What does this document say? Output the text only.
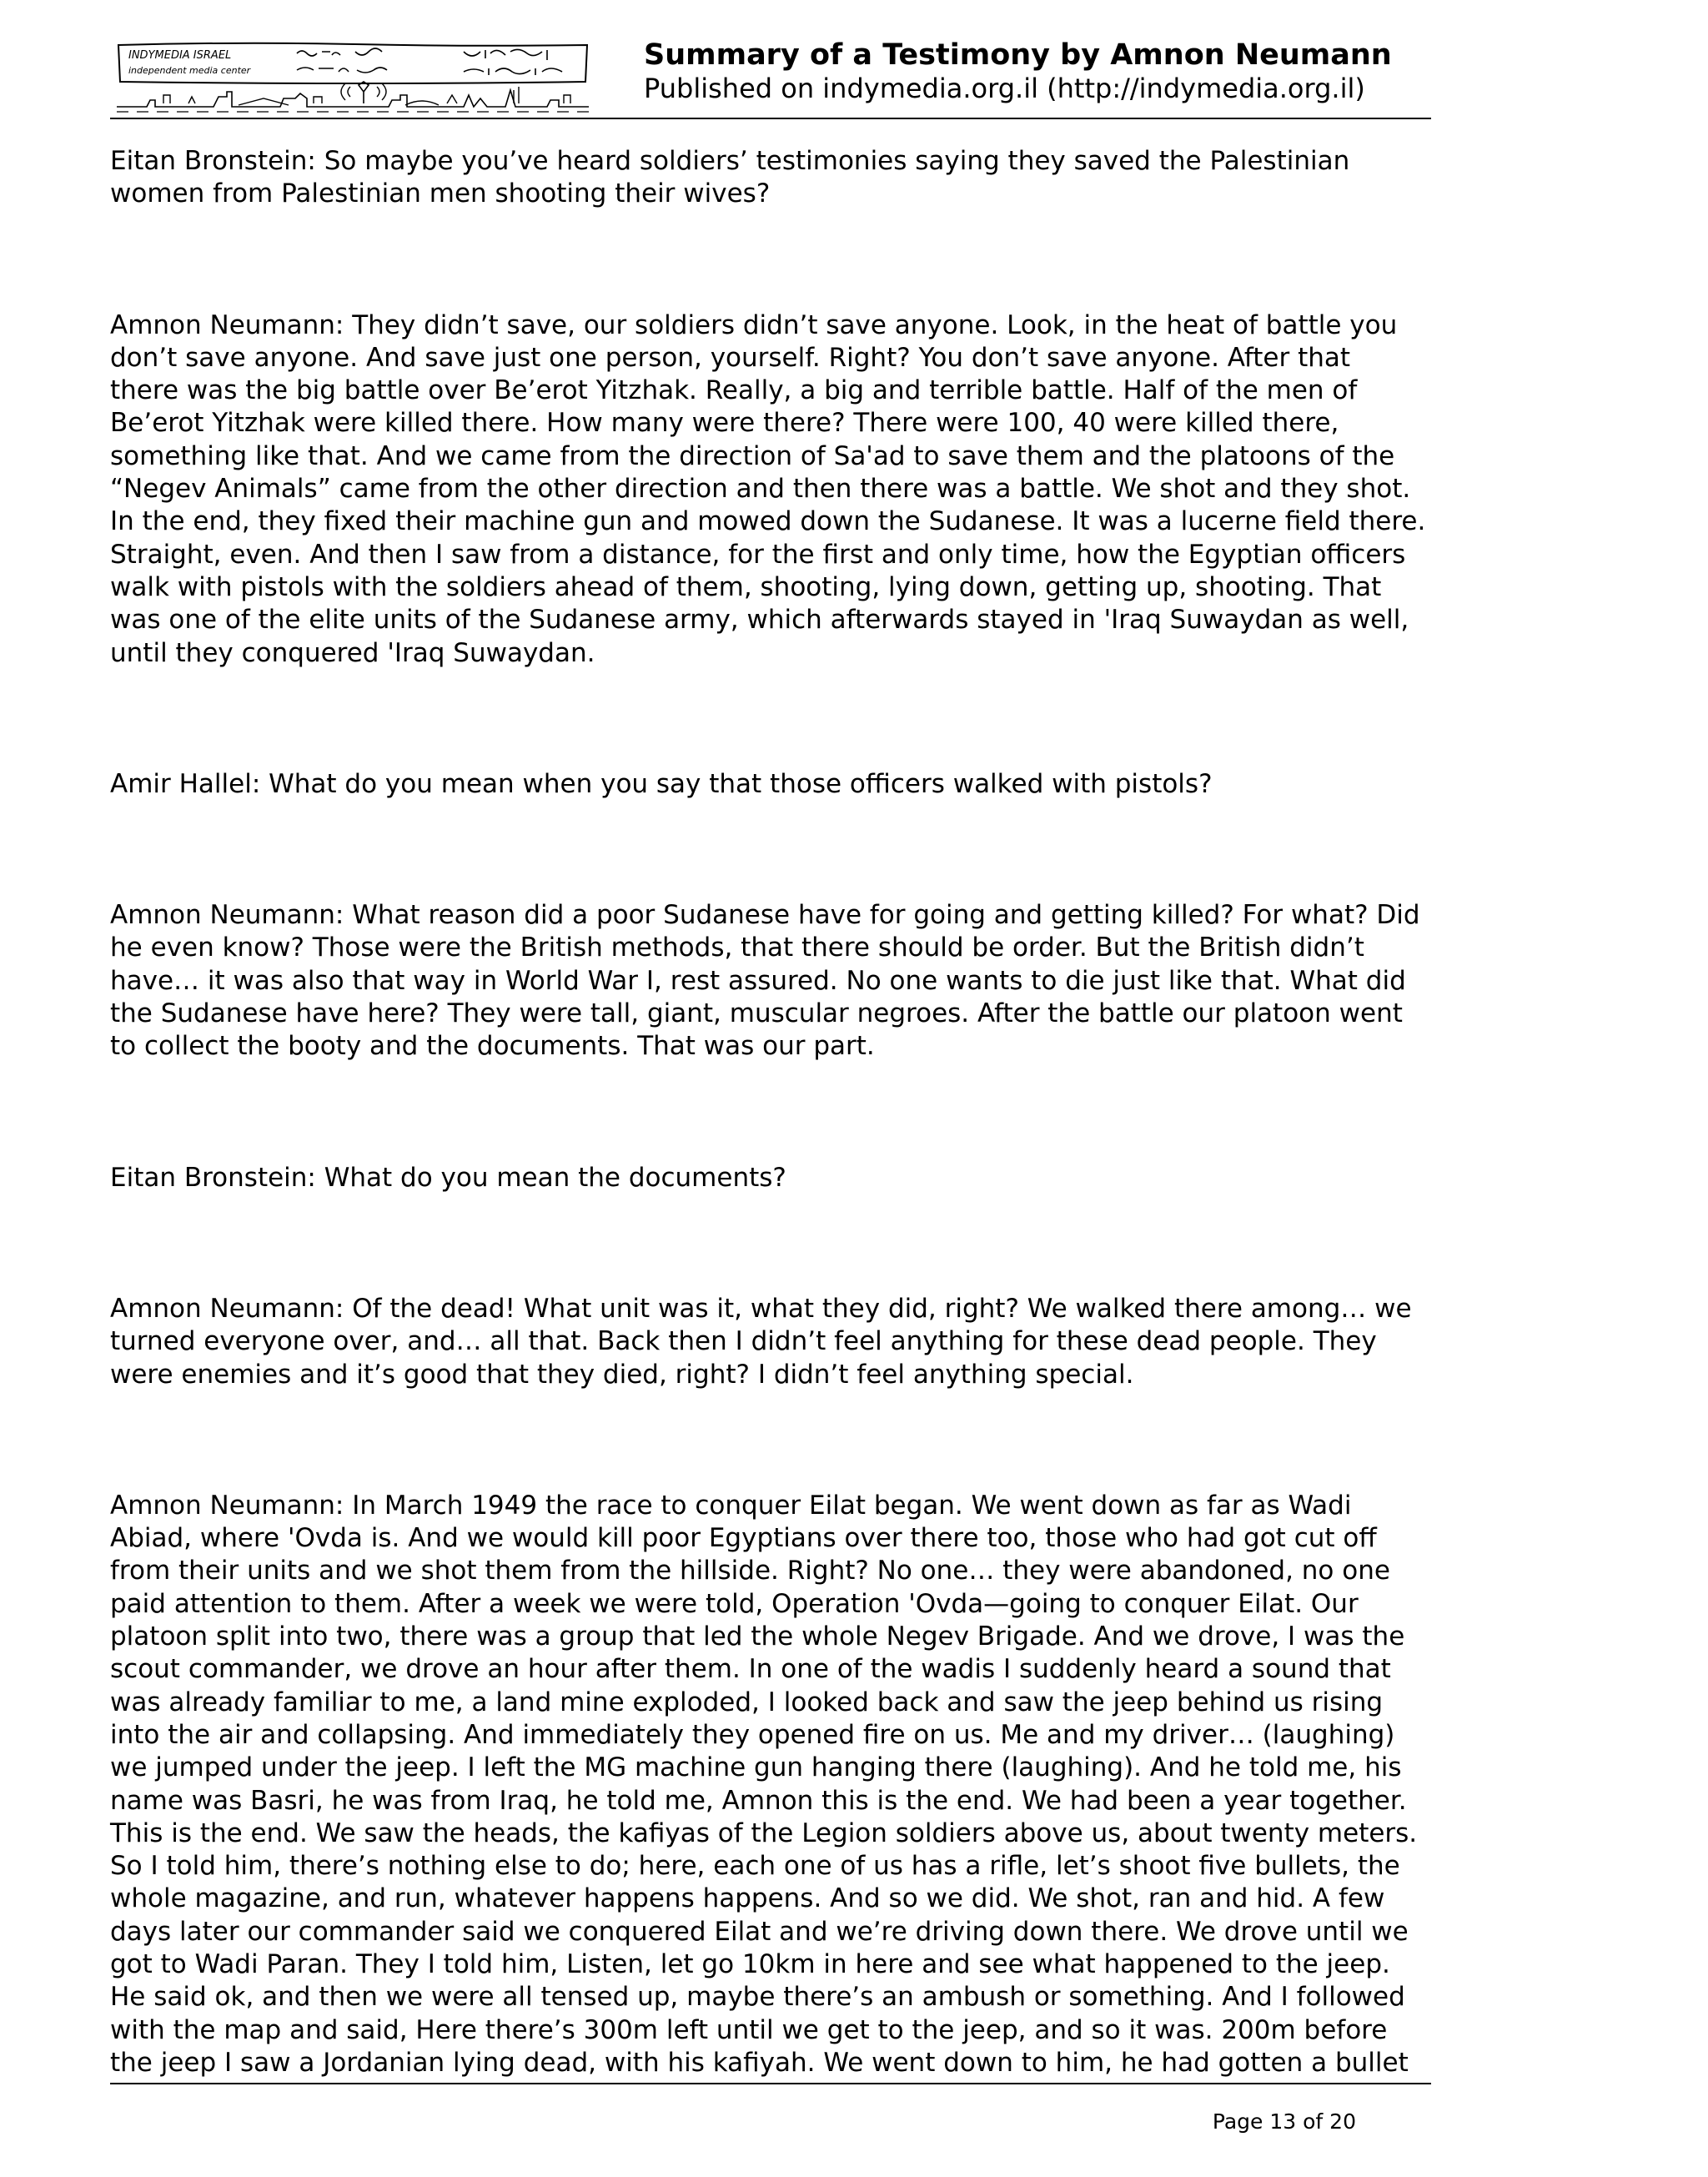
INDYMEDIA ISRAEL
independent media center	Summary of a Testimony by Amnon Neumann
Published on indymedia.org.il (http://indymedia.org.il)

Eitan Bronstein: So maybe you’ve heard soldiers’ testimonies saying they saved the Palestinian
women from Palestinian men shooting their wives?

Amnon Neumann: They didn’t save, our soldiers didn’t save anyone. Look, in the heat of battle you
don’t save anyone. And save just one person, yourself. Right? You don’t save anyone. After that
there was the big battle over Be’erot Yitzhak. Really, a big and terrible battle. Half of the men of
Be’erot Yitzhak were killed there. How many were there? There were 100, 40 were killed there,
something like that. And we came from the direction of Sa'ad to save them and the platoons of the
“Negev Animals” came from the other direction and then there was a battle. We shot and they shot.
In the end, they fixed their machine gun and mowed down the Sudanese. It was a lucerne field there.
Straight, even. And then I saw from a distance, for the first and only time, how the Egyptian officers
walk with pistols with the soldiers ahead of them, shooting, lying down, getting up, shooting. That
was one of the elite units of the Sudanese army, which afterwards stayed in 'Iraq Suwaydan as well,
until they conquered 'Iraq Suwaydan.

Amir Hallel: What do you mean when you say that those officers walked with pistols?

Amnon Neumann: What reason did a poor Sudanese have for going and getting killed? For what? Did
he even know? Those were the British methods, that there should be order. But the British didn’t
have… it was also that way in World War I, rest assured. No one wants to die just like that. What did
the Sudanese have here? They were tall, giant, muscular negroes. After the battle our platoon went
to collect the booty and the documents. That was our part.

Eitan Bronstein: What do you mean the documents?

Amnon Neumann: Of the dead! What unit was it, what they did, right? We walked there among… we
turned everyone over, and… all that. Back then I didn’t feel anything for these dead people. They
were enemies and it’s good that they died, right? I didn’t feel anything special.

Amnon Neumann: In March 1949 the race to conquer Eilat began. We went down as far as Wadi
Abiad, where 'Ovda is. And we would kill poor Egyptians over there too, those who had got cut off
from their units and we shot them from the hillside. Right? No one… they were abandoned, no one
paid attention to them. After a week we were told, Operation 'Ovda—going to conquer Eilat. Our
platoon split into two, there was a group that led the whole Negev Brigade. And we drove, I was the
scout commander, we drove an hour after them. In one of the wadis I suddenly heard a sound that
was already familiar to me, a land mine exploded, I looked back and saw the jeep behind us rising
into the air and collapsing. And immediately they opened fire on us. Me and my driver… (laughing)
we jumped under the jeep. I left the MG machine gun hanging there (laughing). And he told me, his
name was Basri, he was from Iraq, he told me, Amnon this is the end. We had been a year together.
This is the end. We saw the heads, the kafiyas of the Legion soldiers above us, about twenty meters.
So I told him, there’s nothing else to do; here, each one of us has a rifle, let’s shoot five bullets, the
whole magazine, and run, whatever happens happens. And so we did. We shot, ran and hid. A few
days later our commander said we conquered Eilat and we’re driving down there. We drove until we
got to Wadi Paran. They I told him, Listen, let go 10km in here and see what happened to the jeep.
He said ok, and then we were all tensed up, maybe there’s an ambush or something. And I followed
with the map and said, Here there’s 300m left until we get to the jeep, and so it was. 200m before
the jeep I saw a Jordanian lying dead, with his kafiyah. We went down to him, he had gotten a bullet

Page 13 of 20
